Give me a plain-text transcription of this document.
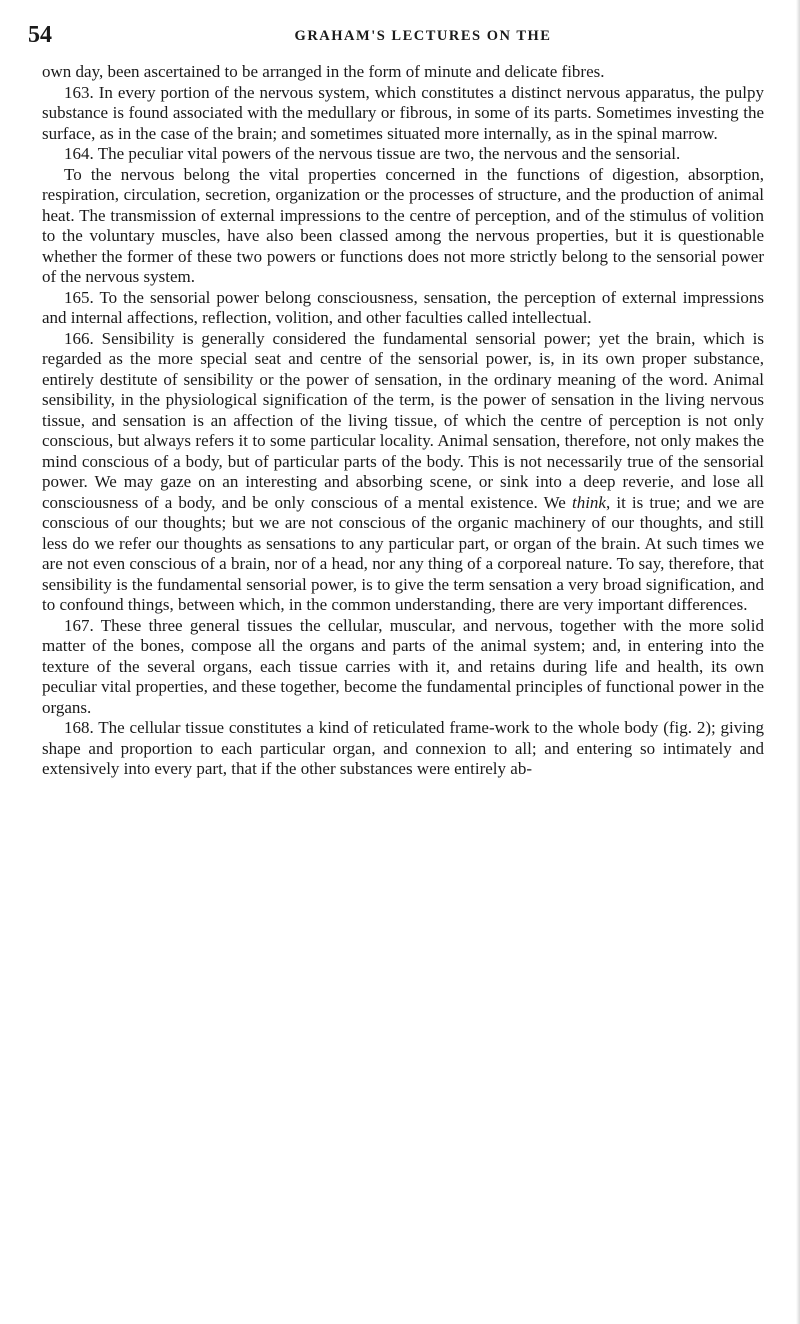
54	GRAHAM'S LECTURES ON THE

own day, been ascertained to be arranged in the form of minute and delicate fibres.

163. In every portion of the nervous system, which constitutes a distinct nervous apparatus, the pulpy substance is found associated with the medullary or fibrous, in some of its parts. Sometimes investing the surface, as in the case of the brain; and sometimes situated more internally, as in the spinal marrow.

164. The peculiar vital powers of the nervous tissue are two, the nervous and the sensorial.

To the nervous belong the vital properties concerned in the functions of digestion, absorption, respiration, circulation, secretion, organization or the processes of structure, and the production of animal heat. The transmission of external impressions to the centre of perception, and of the stimulus of volition to the voluntary muscles, have also been classed among the nervous properties, but it is questionable whether the former of these two powers or functions does not more strictly belong to the sensorial power of the nervous system.

165. To the sensorial power belong consciousness, sensation, the perception of external impressions and internal affections, reflection, volition, and other faculties called intellectual.

166. Sensibility is generally considered the fundamental sensorial power; yet the brain, which is regarded as the more special seat and centre of the sensorial power, is, in its own proper substance, entirely destitute of sensibility or the power of sensation, in the ordinary meaning of the word. Animal sensibility, in the physiological signification of the term, is the power of sensation in the living nervous tissue, and sensation is an affection of the living tissue, of which the centre of perception is not only conscious, but always refers it to some particular locality. Animal sensation, therefore, not only makes the mind conscious of a body, but of particular parts of the body. This is not necessarily true of the sensorial power. We may gaze on an interesting and absorbing scene, or sink into a deep reverie, and lose all consciousness of a body, and be only conscious of a mental existence. We think, it is true; and we are conscious of our thoughts; but we are not conscious of the organic machinery of our thoughts, and still less do we refer our thoughts as sensations to any particular part, or organ of the brain. At such times we are not even conscious of a brain, nor of a head, nor any thing of a corporeal nature. To say, therefore, that sensibility is the fundamental sensorial power, is to give the term sensation a very broad signification, and to confound things, between which, in the common understanding, there are very important differences.

167. These three general tissues the cellular, muscular, and nervous, together with the more solid matter of the bones, compose all the organs and parts of the animal system; and, in entering into the texture of the several organs, each tissue carries with it, and retains during life and health, its own peculiar vital properties, and these together, become the fundamental principles of functional power in the organs.

168. The cellular tissue constitutes a kind of reticulated frame-work to the whole body (fig. 2); giving shape and proportion to each particular organ, and connexion to all; and entering so intimately and extensively into every part, that if the other substances were entirely ab-
